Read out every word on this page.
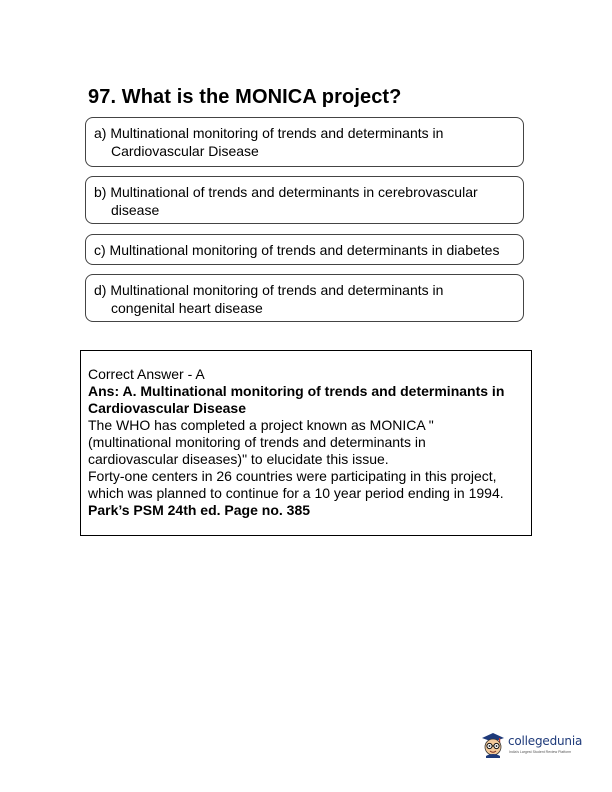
97. What is the MONICA project?
a) Multinational monitoring of trends and determinants in
Cardiovascular Disease
b) Multinational of trends and determinants in cerebrovascular
disease
c) Multinational monitoring of trends and determinants in diabetes
d) Multinational monitoring of trends and determinants in
congenital heart disease
Correct Answer - A
Ans: A. Multinational monitoring of trends and determinants in
Cardiovascular Disease
The WHO has completed a project known as MONICA "
(multinational monitoring of trends and determinants in
cardiovascular diseases)" to elucidate this issue.
Forty-one centers in 26 countries were participating in this project,
which was planned to continue for a 10 year period ending in 1994.
Park’s PSM 24th ed. Page no. 385
collegedunia
India's Largest Student Review Platform
